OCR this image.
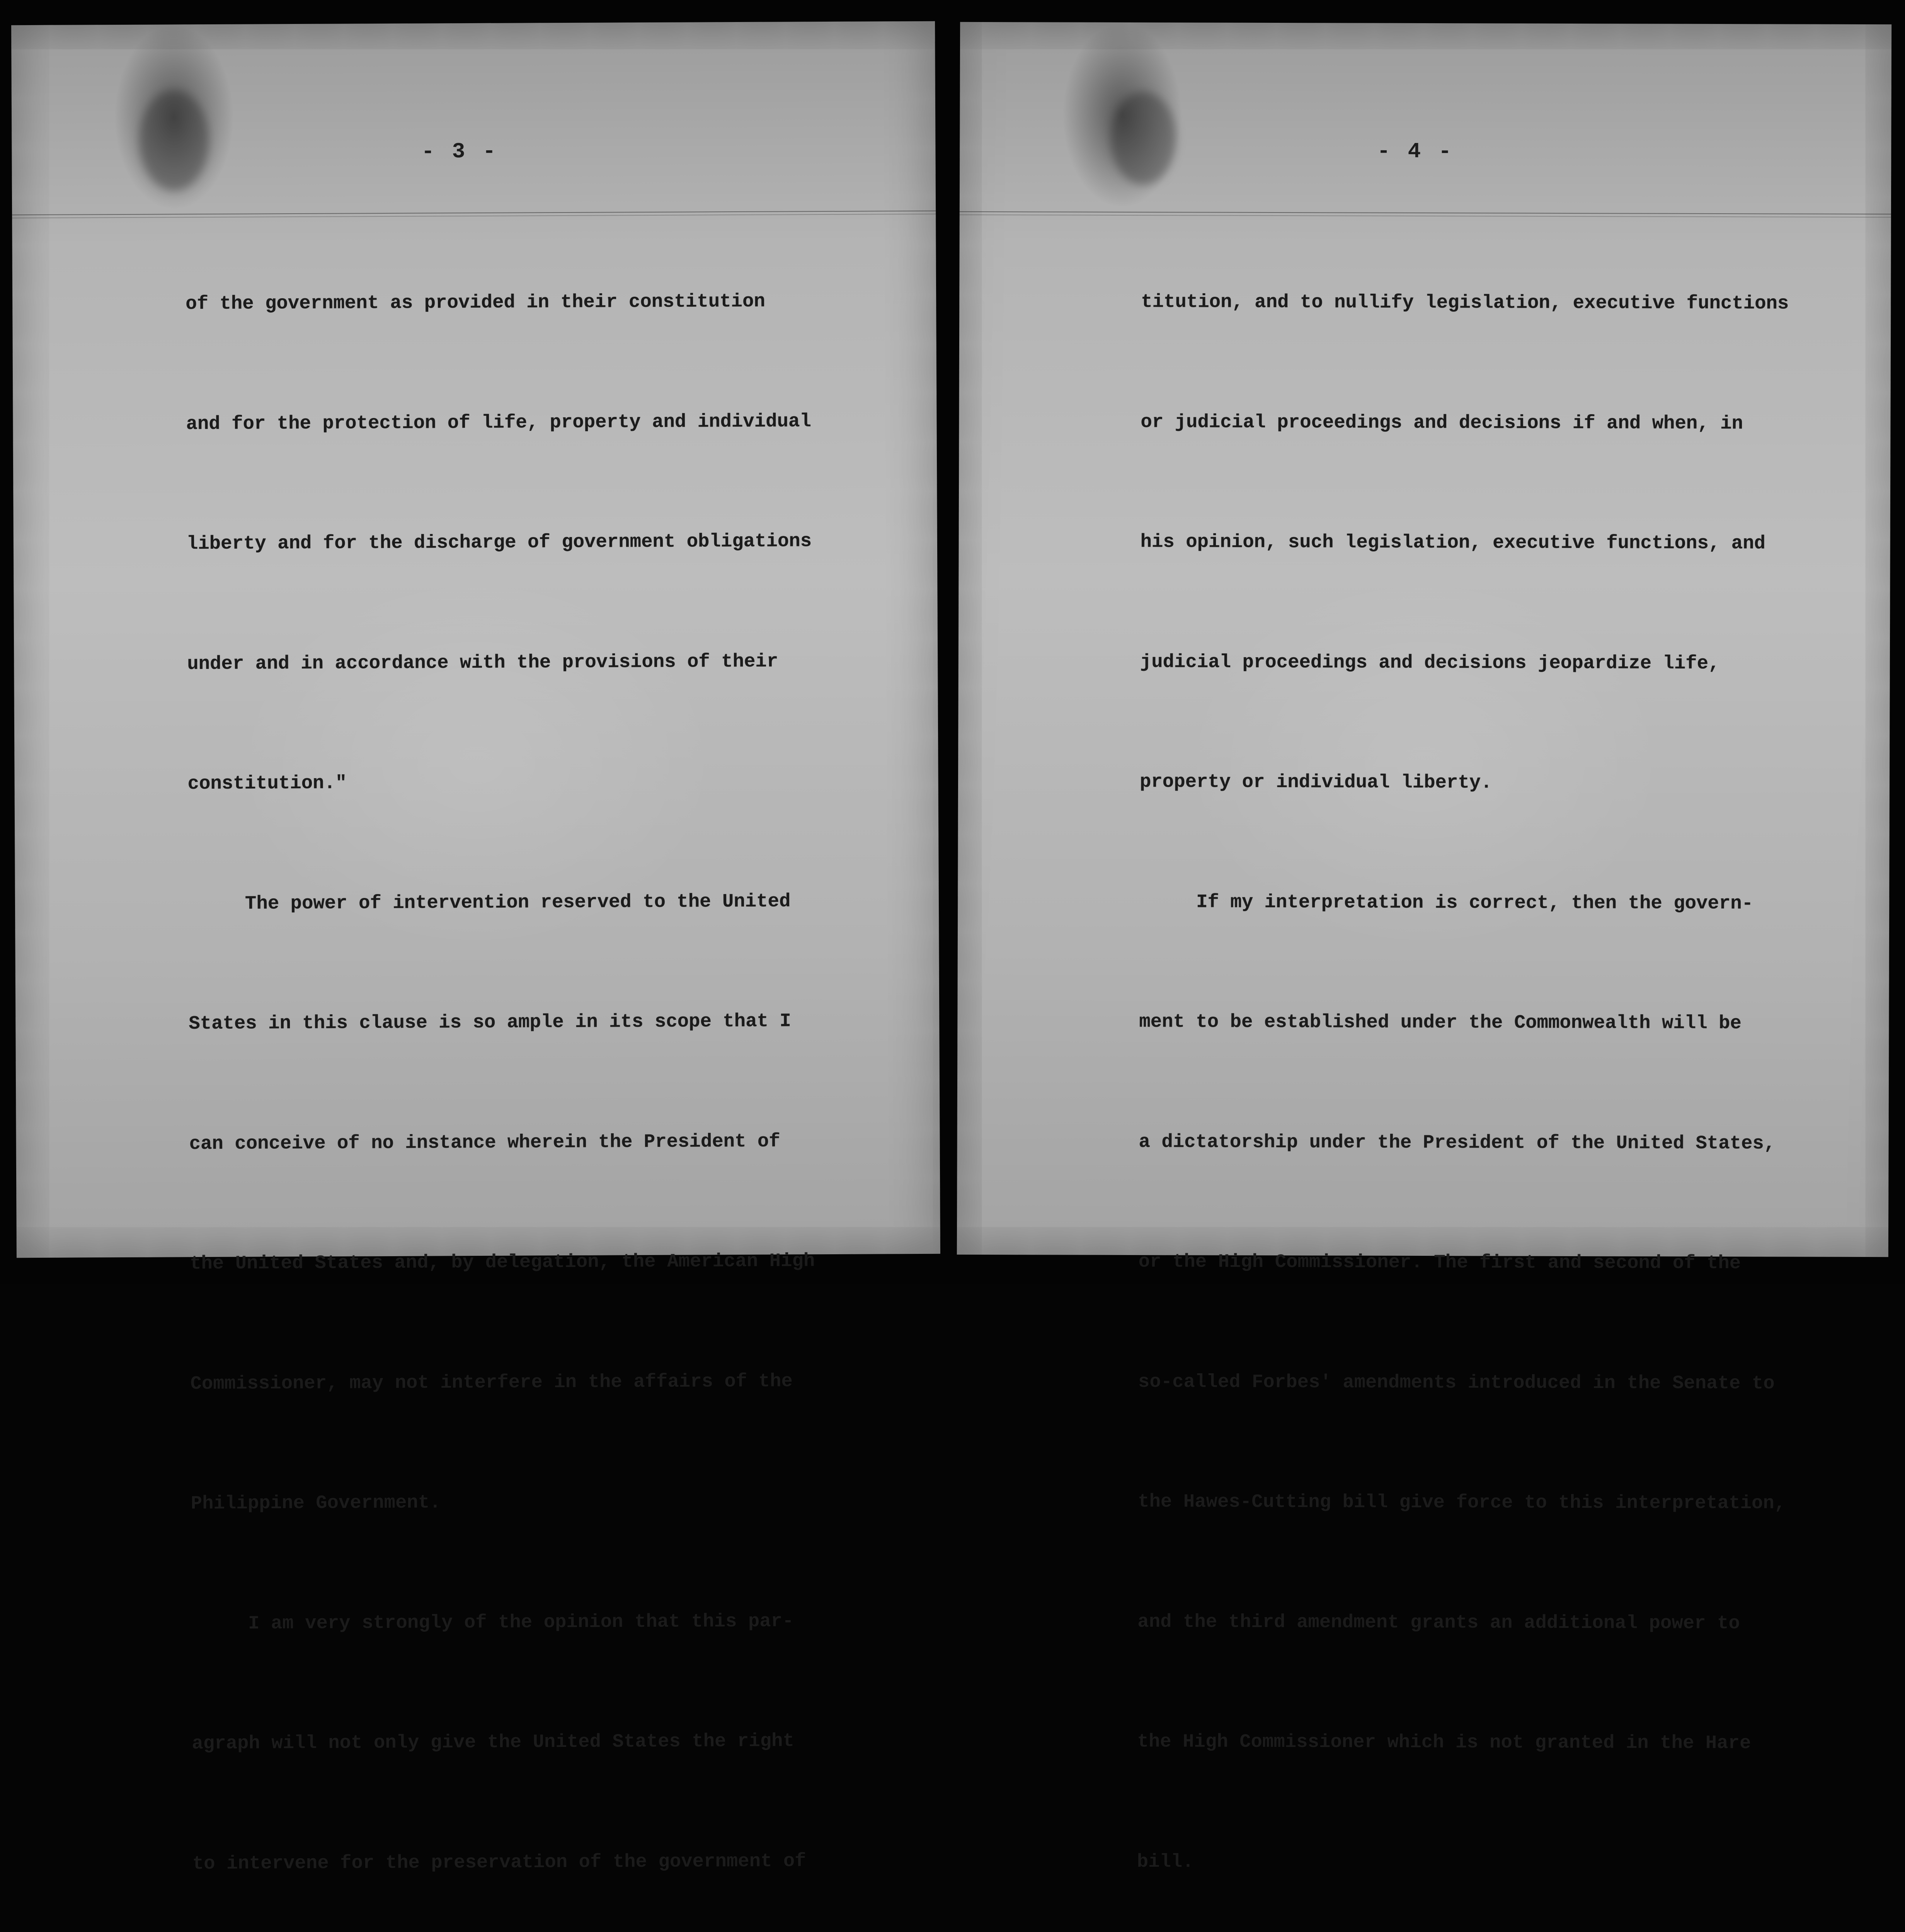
- 3 -

of the government as provided in their constitution

and for the protection of life, property and individual

liberty and for the discharge of government obligations

under and in accordance with the provisions of their

constitution."

The power of intervention reserved to the United

States in this clause is so ample in its scope that I

can conceive of no instance wherein the President of

the United States and, by delegation, the American High

Commissioner, may not interfere in the affairs of the

Philippine Government.

I am very strongly of the opinion that this par-

agraph will not only give the United States the right

to intervene for the preservation of the government of

- 4 -

titution, and to nullify legislation, executive functions

or judicial proceedings and decisions if and when, in

his opinion, such legislation, executive functions, and

judicial proceedings and decisions jeopardize life,

property or individual liberty.

If my interpretation is correct, then the govern-

ment to be established under the Commonwealth will be

a dictatorship under the President of the United States,

or the High Commissioner. The first and second of the

so-called Forbes' amendments introduced in the Senate to

the Hawes-Cutting bill give force to this interpretation,

and the third amendment grants an additional power to

the High Commissioner which is not granted in the Hare

bill.
